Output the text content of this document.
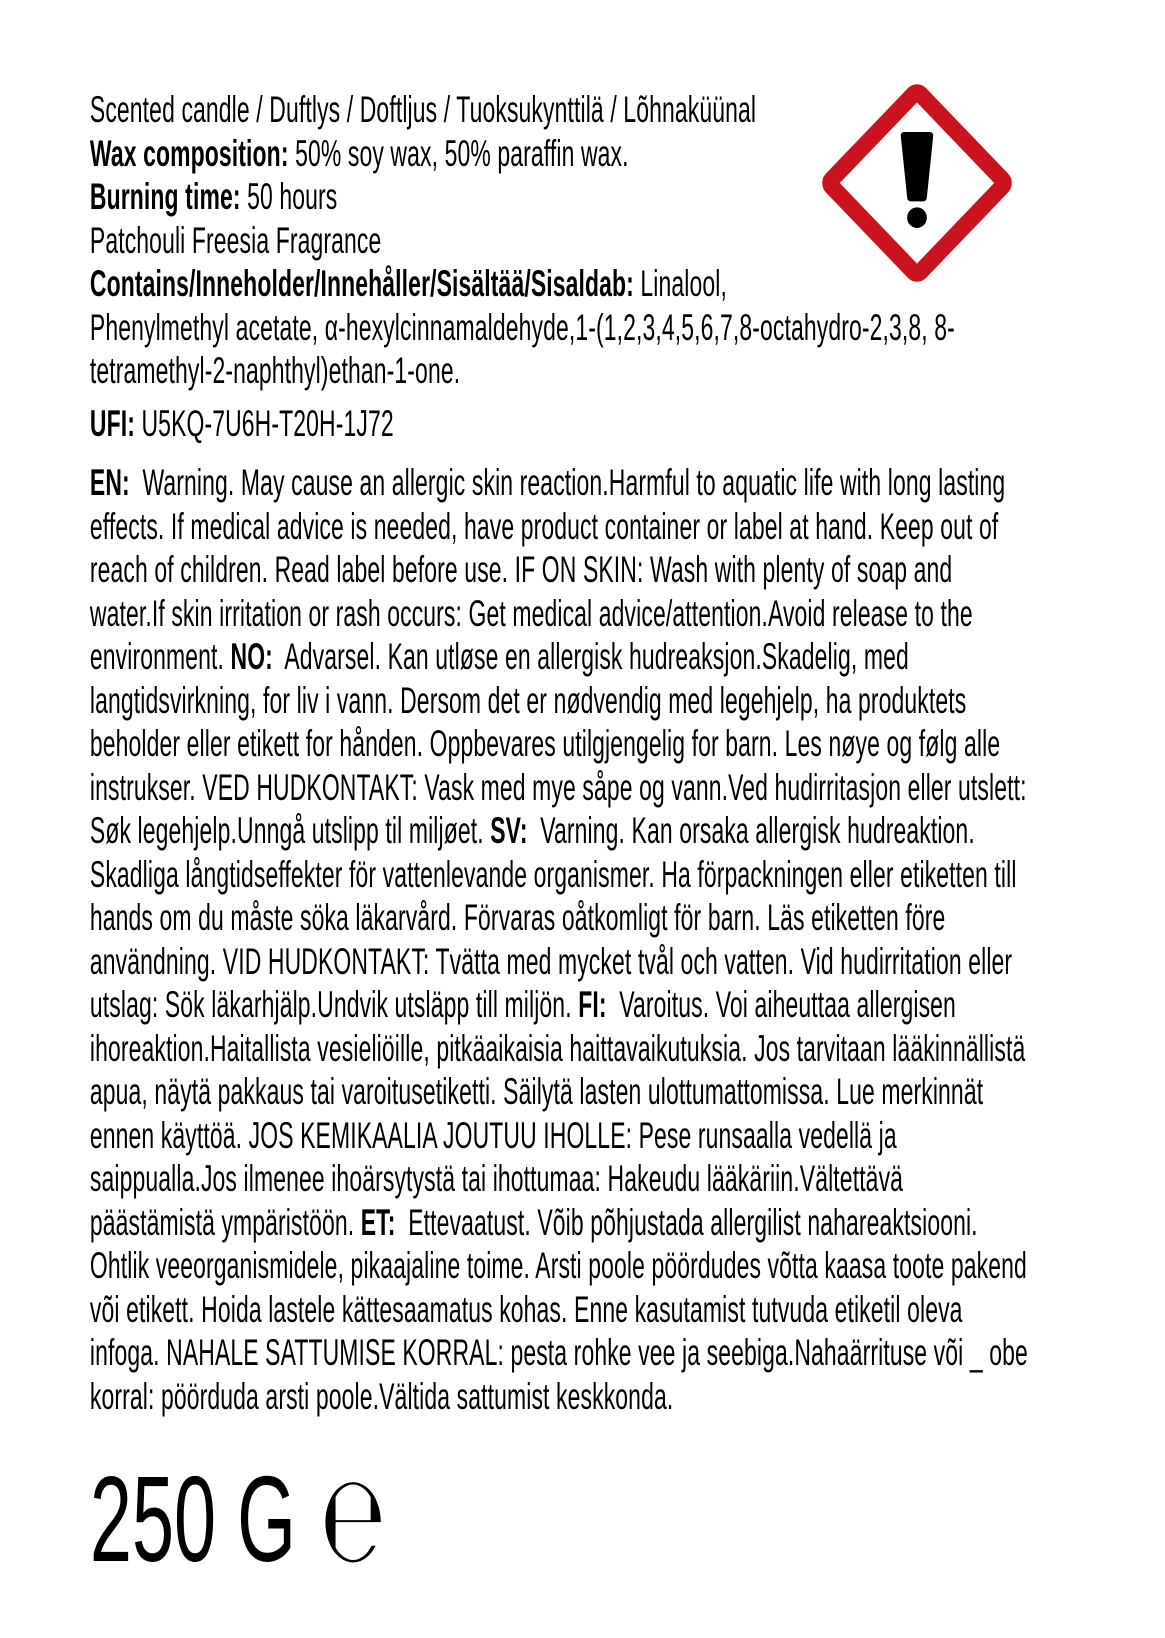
Scented candle / Duftlys / Doftljus / Tuoksukynttilä / Lõhnaküünal

Wax composition: 50% soy wax, 50% paraffin wax.

Burning time: 50 hours

Patchouli Freesia Fragrance

Contains/Inneholder/Innehåller/Sisältää/Sisaldab: Linalool, Phenylmethyl acetate, α-hexylcinnamaldehyde,1-(1,2,3,4,5,6,7,8-octahydro-2,3,8, 8-tetramethyl-2-naphthyl)ethan-1-one.

UFI: U5KQ-7U6H-T20H-1J72

EN: Warning. May cause an allergic skin reaction.Harmful to aquatic life with long lasting effects. If medical advice is needed, have product container or label at hand. Keep out of reach of children. Read label before use. IF ON SKIN: Wash with plenty of soap and water.If skin irritation or rash occurs: Get medical advice/attention.Avoid release to the environment. NO: Advarsel. Kan utløse en allergisk hudreaksjon.Skadelig, med langtidsvirkning, for liv i vann. Dersom det er nødvendig med legehjelp, ha produktets beholder eller etikett for hånden. Oppbevares utilgjengelig for barn. Les nøye og følg alle instrukser. VED HUDKONTAKT: Vask med mye såpe og vann.Ved hudirritasjon eller utslett: Søk legehjelp.Unngå utslipp til miljøet. SV: Varning. Kan orsaka allergisk hudreaktion. Skadliga långtidseffekter för vattenlevande organismer. Ha förpackningen eller etiketten till hands om du måste söka läkarvård. Förvaras oåtkomligt för barn. Läs etiketten före användning. VID HUDKONTAKT: Tvätta med mycket tvål och vatten. Vid hudirritation eller utslag: Sök läkarhjälp.Undvik utsläpp till miljön. FI: Varoitus. Voi aiheuttaa allergisen ihoreaktion.Haitallista vesieliöille, pitkäaikaisia haittavaikutuksia. Jos tarvitaan lääkinnällistä apua, näytä pakkaus tai varoitusetiketti. Säilytä lasten ulottumattomissa. Lue merkinnät ennen käyttöä. JOS KEMIKAALIA JOUTUU IHOLLE: Pese runsaalla vedellä ja saippualla.Jos ilmenee ihoärsytystä tai ihottumaa: Hakeudu lääkäriin.Vältettävä päästämistä ympäristöön. ET: Ettevaatust. Võib põhjustada allergilist nahareaktsiooni. Ohtlik veeorganismidele, pikaajaline toime. Arsti poole pöördudes võtta kaasa toote pakend või etikett. Hoida lastele kättesaamatus kohas. Enne kasutamist tutvuda etiketil oleva infoga. NAHALE SATTUMISE KORRAL: pesta rohke vee ja seebiga.Nahaärrituse või _ obe korral: pöörduda arsti poole.Vältida sattumist keskkonda.

250 G ℮
